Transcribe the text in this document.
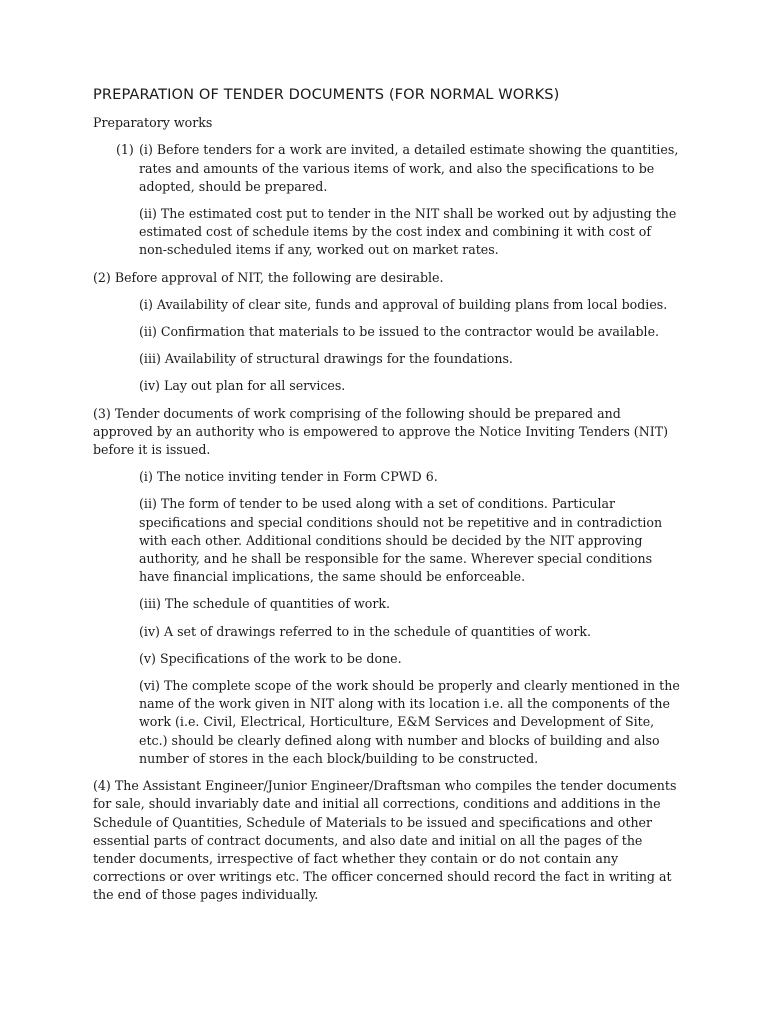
PREPARATION OF TENDER DOCUMENTS (FOR NORMAL WORKS)
Preparatory works
(1) (i) Before tenders for a work are invited, a detailed estimate showing the quantities, rates and amounts of the various items of work, and also the specifications to be adopted, should be prepared.
(ii) The estimated cost put to tender in the NIT shall be worked out by adjusting the estimated cost of schedule items by the cost index and combining it with cost of non-scheduled items if any, worked out on market rates.
(2) Before approval of NIT, the following are desirable.
(i) Availability of clear site, funds and approval of building plans from local bodies.
(ii) Confirmation that materials to be issued to the contractor would be available.
(iii) Availability of structural drawings for the foundations.
(iv) Lay out plan for all services.
(3) Tender documents of work comprising of the following should be prepared and approved by an authority who is empowered to approve the Notice Inviting Tenders (NIT) before it is issued.
(i) The notice inviting tender in Form CPWD 6.
(ii) The form of tender to be used along with a set of conditions. Particular specifications and special conditions should not be repetitive and in contradiction with each other. Additional conditions should be decided by the NIT approving authority, and he shall be responsible for the same. Wherever special conditions have financial implications, the same should be enforceable.
(iii) The schedule of quantities of work.
(iv) A set of drawings referred to in the schedule of quantities of work.
(v) Specifications of the work to be done.
(vi) The complete scope of the work should be properly and clearly mentioned in the name of the work given in NIT along with its location i.e. all the components of the work (i.e. Civil, Electrical, Horticulture, E&M Services and Development of Site, etc.) should be clearly defined along with number and blocks of building and also number of stores in the each block/building to be constructed.
(4) The Assistant Engineer/Junior Engineer/Draftsman who compiles the tender documents for sale, should invariably date and initial all corrections, conditions and additions in the Schedule of Quantities, Schedule of Materials to be issued and specifications and other essential parts of contract documents, and also date and initial on all the pages of the tender documents, irrespective of fact whether they contain or do not contain any corrections or over writings etc. The officer concerned should record the fact in writing at the end of those pages individually.
